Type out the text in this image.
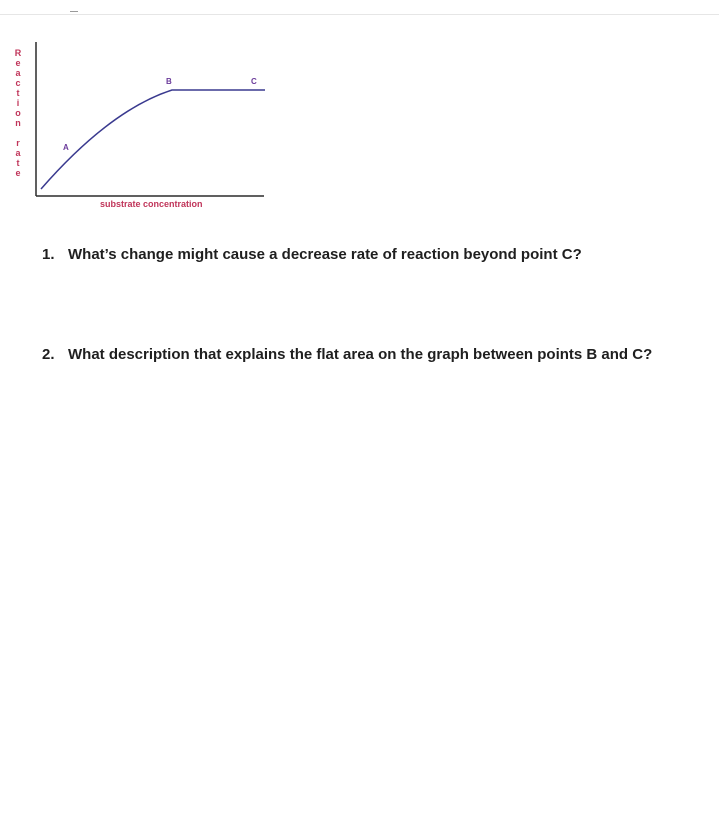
A
B	C
R
e
a
c
t
i
o
n
r
a
t
e
substrate concentration
1. What’s change might cause a decrease rate of reaction beyond point C?
2. What description that explains the flat area on the graph between points B and C?
